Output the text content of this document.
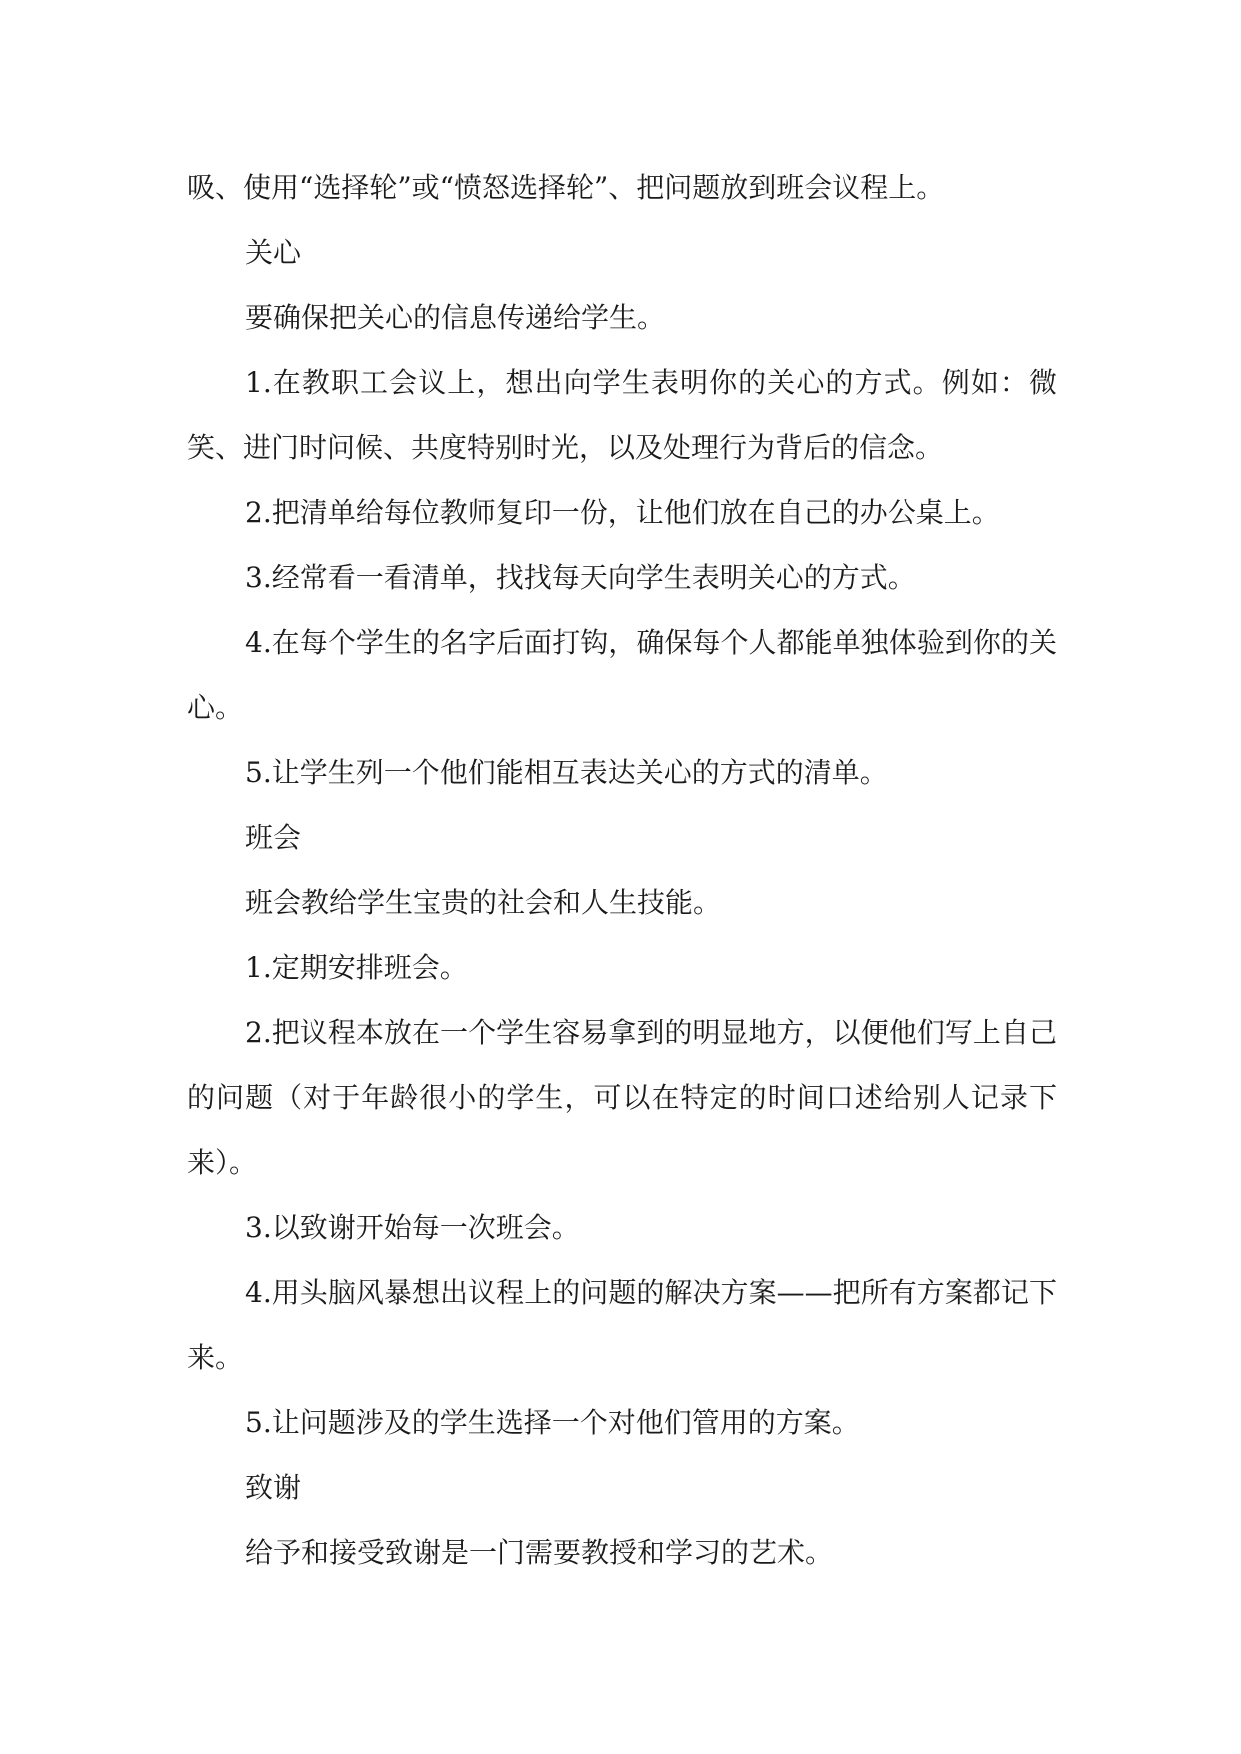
吸、使用“选择轮”或“愤怒选择轮”、把问题放到班会议程上。

关心

要确保把关心的信息传递给学生。

1.在教职工会议上，想出向学生表明你的关心的方式。例如：微笑、进门时问候、共度特别时光，以及处理行为背后的信念。

2.把清单给每位教师复印一份，让他们放在自己的办公桌上。

3.经常看一看清单，找找每天向学生表明关心的方式。

4.在每个学生的名字后面打钩，确保每个人都能单独体验到你的关心。

5.让学生列一个他们能相互表达关心的方式的清单。

班会

班会教给学生宝贵的社会和人生技能。

1.定期安排班会。

2.把议程本放在一个学生容易拿到的明显地方，以便他们写上自己的问题（对于年龄很小的学生，可以在特定的时间口述给别人记录下来）。

3.以致谢开始每一次班会。

4.用头脑风暴想出议程上的问题的解决方案——把所有方案都记下来。

5.让问题涉及的学生选择一个对他们管用的方案。

致谢

给予和接受致谢是一门需要教授和学习的艺术。
